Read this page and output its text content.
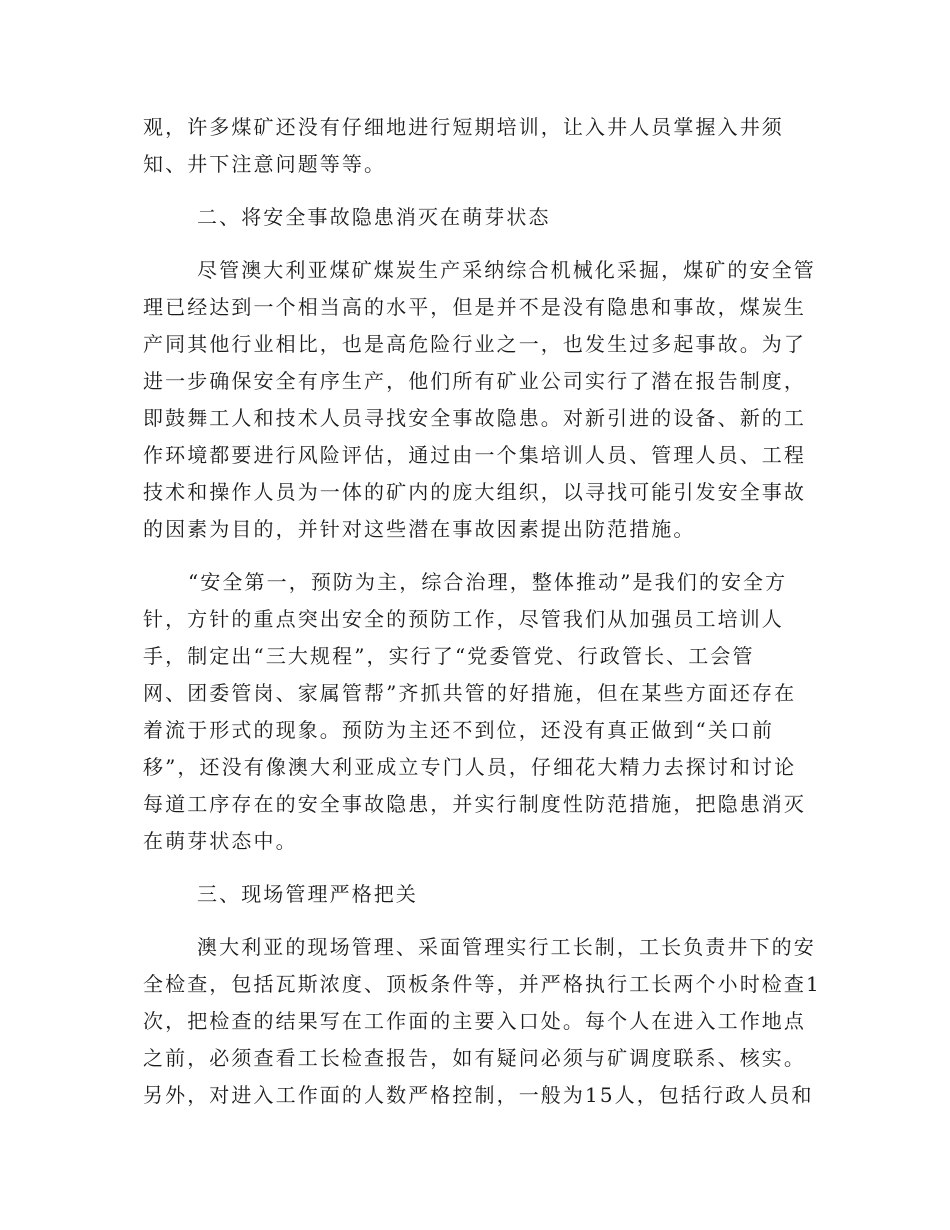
观，许多煤矿还没有仔细地进行短期培训，让入井人员掌握入井须
知、井下注意问题等等。
二、将安全事故隐患消灭在萌芽状态
尽管澳大利亚煤矿煤炭生产采纳综合机械化采掘，煤矿的安全管
理已经达到一个相当高的水平，但是并不是没有隐患和事故，煤炭生
产同其他行业相比，也是高危险行业之一，也发生过多起事故。为了
进一步确保安全有序生产，他们所有矿业公司实行了潜在报告制度，
即鼓舞工人和技术人员寻找安全事故隐患。对新引进的设备、新的工
作环境都要进行风险评估，通过由一个集培训人员、管理人员、工程
技术和操作人员为一体的矿内的庞大组织，以寻找可能引发安全事故
的因素为目的，并针对这些潜在事故因素提出防范措施。
“安全第一，预防为主，综合治理，整体推动”是我们的安全方
针，方针的重点突出安全的预防工作，尽管我们从加强员工培训人
手，制定出“三大规程”，实行了“党委管党、行政管长、工会管
网、团委管岗、家属管帮”齐抓共管的好措施，但在某些方面还存在
着流于形式的现象。预防为主还不到位，还没有真正做到“关口前
移”，还没有像澳大利亚成立专门人员，仔细花大精力去探讨和讨论
每道工序存在的安全事故隐患，并实行制度性防范措施，把隐患消灭
在萌芽状态中。
三、现场管理严格把关
澳大利亚的现场管理、采面管理实行工长制，工长负责井下的安
全检查，包括瓦斯浓度、顶板条件等，并严格执行工长两个小时检查1
次，把检查的结果写在工作面的主要入口处。每个人在进入工作地点
之前，必须查看工长检查报告，如有疑问必须与矿调度联系、核实。
另外，对进入工作面的人数严格控制，一般为15人，包括行政人员和
